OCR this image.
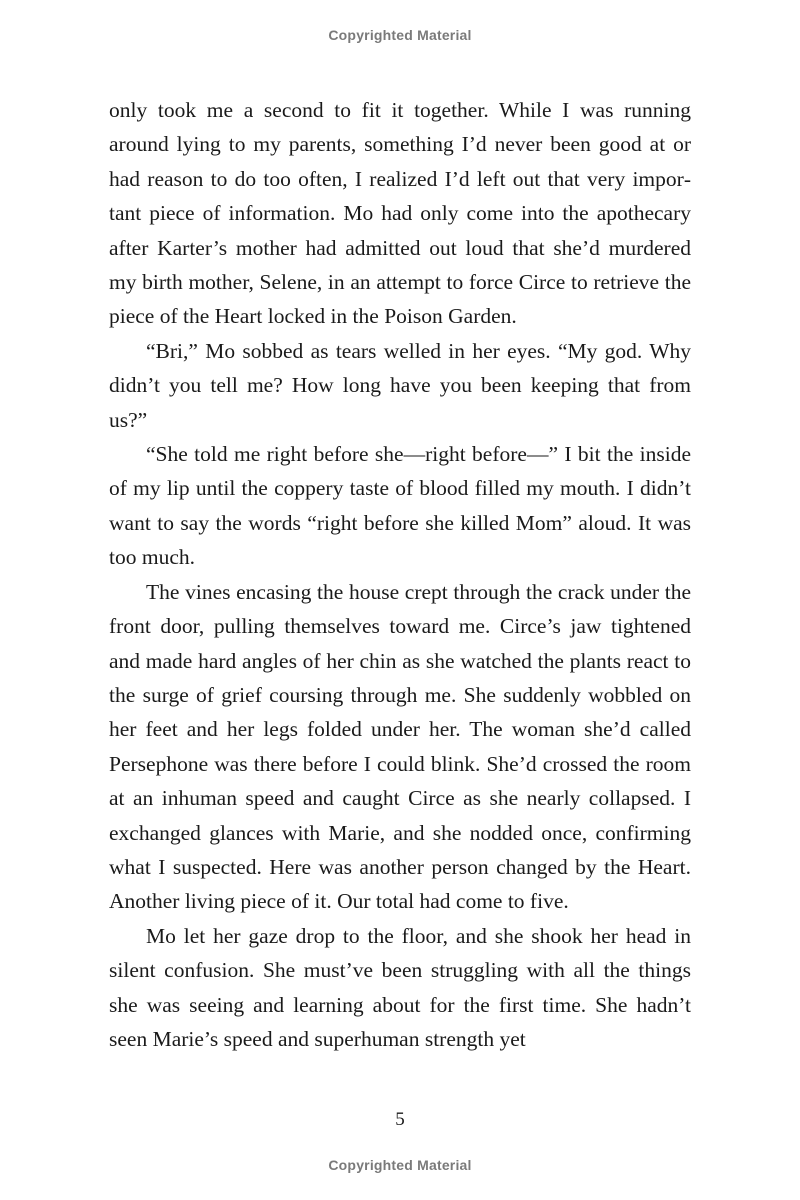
Copyrighted Material

only took me a second to fit it together. While I was running around lying to my parents, something I’d never been good at or had reason to do too often, I realized I’d left out that very important piece of information. Mo had only come into the apothecary after Karter’s mother had admitted out loud that she’d murdered my birth mother, Selene, in an attempt to force Circe to retrieve the piece of the Heart locked in the Poison Garden.

“Bri,” Mo sobbed as tears welled in her eyes. “My god. Why didn’t you tell me? How long have you been keeping that from us?”

“She told me right before she—right before—” I bit the inside of my lip until the coppery taste of blood filled my mouth. I didn’t want to say the words “right before she killed Mom” aloud. It was too much.

The vines encasing the house crept through the crack under the front door, pulling themselves toward me. Circe’s jaw tightened and made hard angles of her chin as she watched the plants react to the surge of grief coursing through me. She suddenly wobbled on her feet and her legs folded under her. The woman she’d called Persephone was there before I could blink. She’d crossed the room at an inhuman speed and caught Circe as she nearly collapsed. I exchanged glances with Marie, and she nodded once, confirming what I suspected. Here was another person changed by the Heart. Another living piece of it. Our total had come to five.

Mo let her gaze drop to the floor, and she shook her head in silent confusion. She must’ve been struggling with all the things she was seeing and learning about for the first time. She hadn’t seen Marie’s speed and superhuman strength yet

5
Copyrighted Material
